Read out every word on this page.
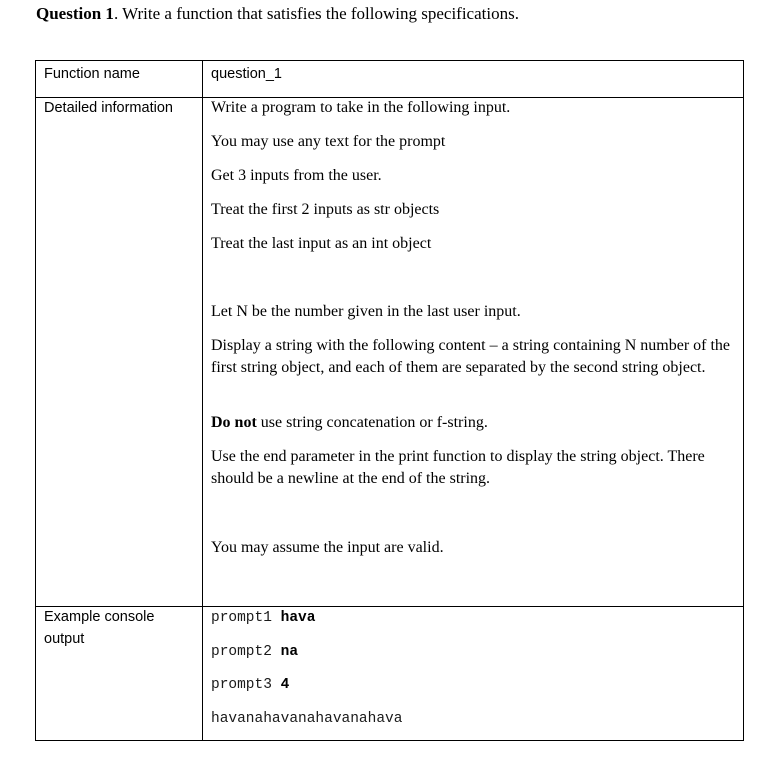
Question 1. Write a function that satisfies the following specifications.
Function name	question_1
Detailed information Write a program to take in the following input.
You may use any text for the prompt
Get 3 inputs from the user.
Treat the first 2 inputs as str objects
Treat the last input as an int object
Let N be the number given in the last user input.
Display a string with the following content – a string containing N number of the first string object, and each of them are separated by the second string object.
Do not use string concatenation or f-string.
Use the end parameter in the print function to display the string object. There should be a newline at the end of the string.
You may assume the input are valid.
Example console output
prompt1 hava
prompt2 na
prompt3 4
havanahavanahavanahava
